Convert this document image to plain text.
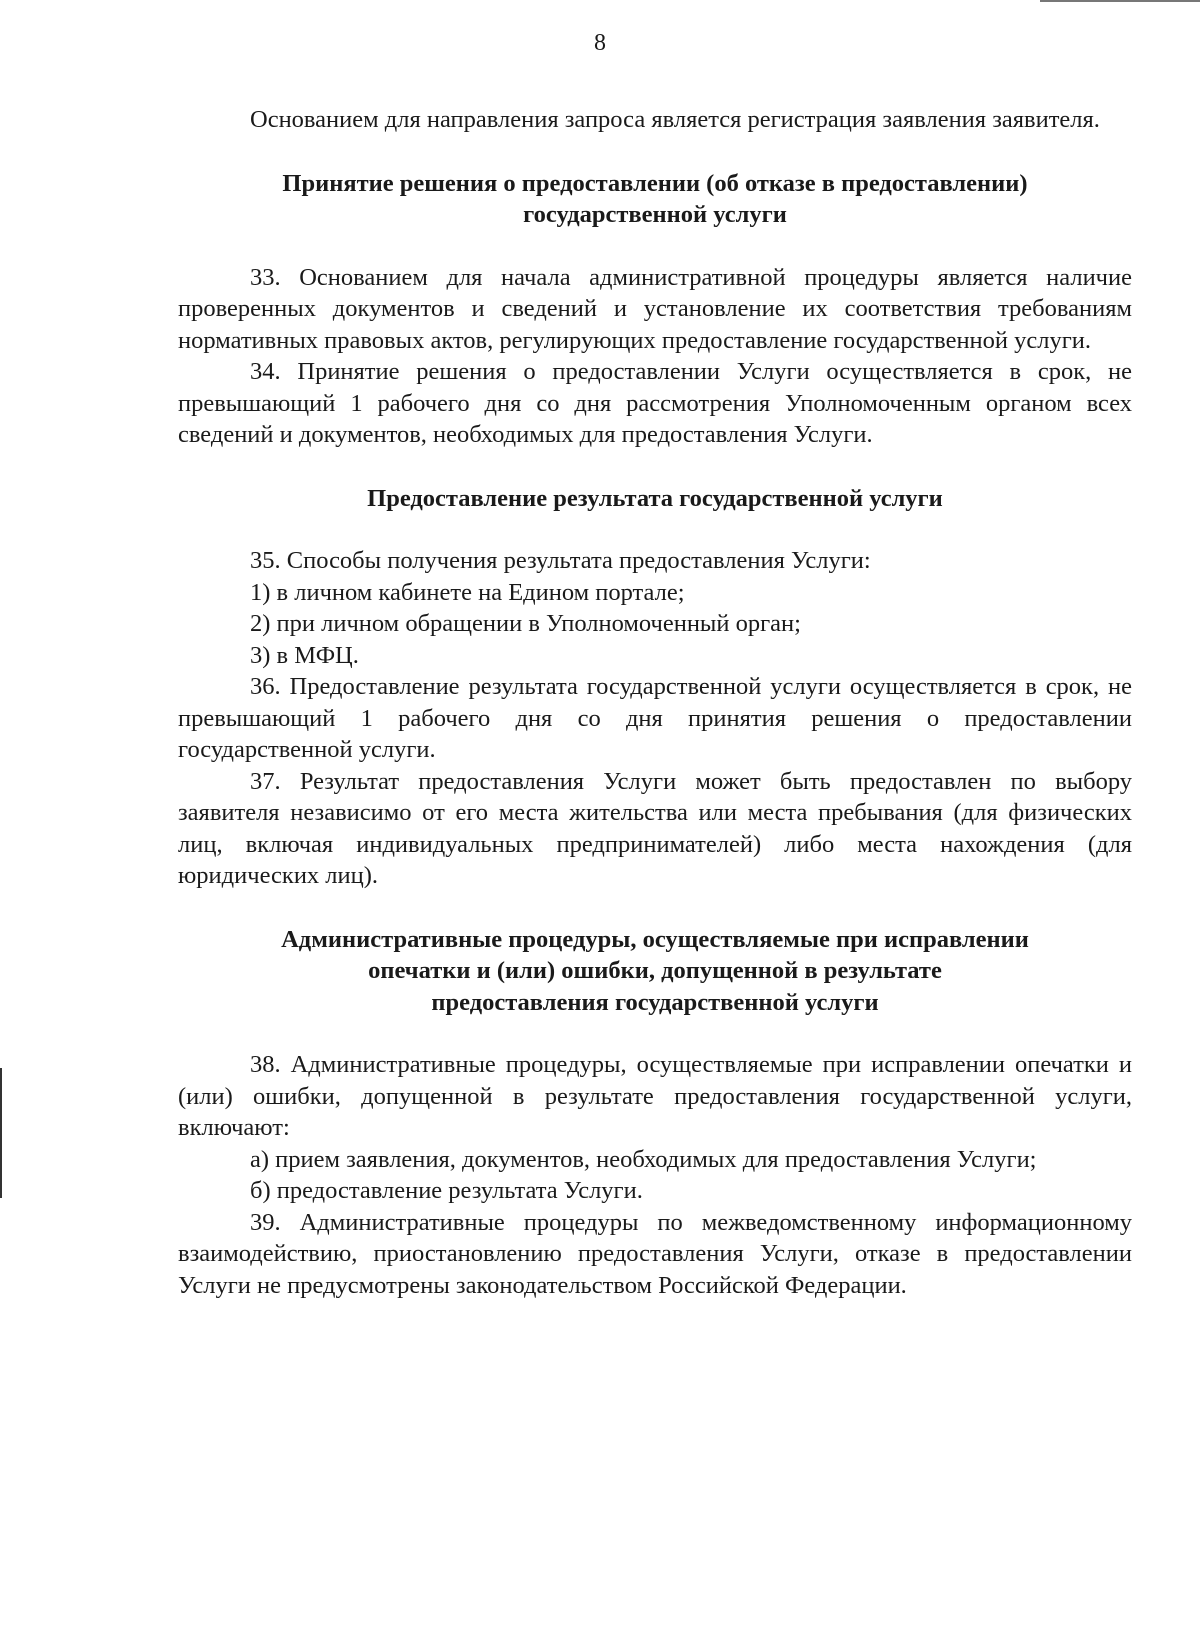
8

Основанием для направления запроса является регистрация заявления заявителя.

Принятие решения о предоставлении (об отказе в предоставлении)
государственной услуги

33. Основанием для начала административной процедуры является наличие проверенных документов и сведений и установление их соответствия требованиям нормативных правовых актов, регулирующих предоставление государственной услуги.

34. Принятие решения о предоставлении Услуги осуществляется в срок, не превышающий 1 рабочего дня со дня рассмотрения Уполномоченным органом всех сведений и документов, необходимых для предоставления Услуги.

Предоставление результата государственной услуги

35. Способы получения результата предоставления Услуги:

1) в личном кабинете на Едином портале;

2) при личном обращении в Уполномоченный орган;

3) в МФЦ.

36. Предоставление результата государственной услуги осуществляется в срок, не превышающий 1 рабочего дня со дня принятия решения о предоставлении государственной услуги.

37. Результат предоставления Услуги может быть предоставлен по выбору заявителя независимо от его места жительства или места пребывания (для физических лиц, включая индивидуальных предпринимателей) либо места нахождения (для юридических лиц).

Административные процедуры, осуществляемые при исправлении
опечатки и (или) ошибки, допущенной в результате
предоставления государственной услуги

38. Административные процедуры, осуществляемые при исправлении опечатки и (или) ошибки, допущенной в результате предоставления государственной услуги, включают:

а) прием заявления, документов, необходимых для предоставления Услуги;

б) предоставление результата Услуги.

39. Административные процедуры по межведомственному информационному взаимодействию, приостановлению предоставления Услуги, отказе в предоставлении Услуги не предусмотрены законодательством Российской Федерации.
